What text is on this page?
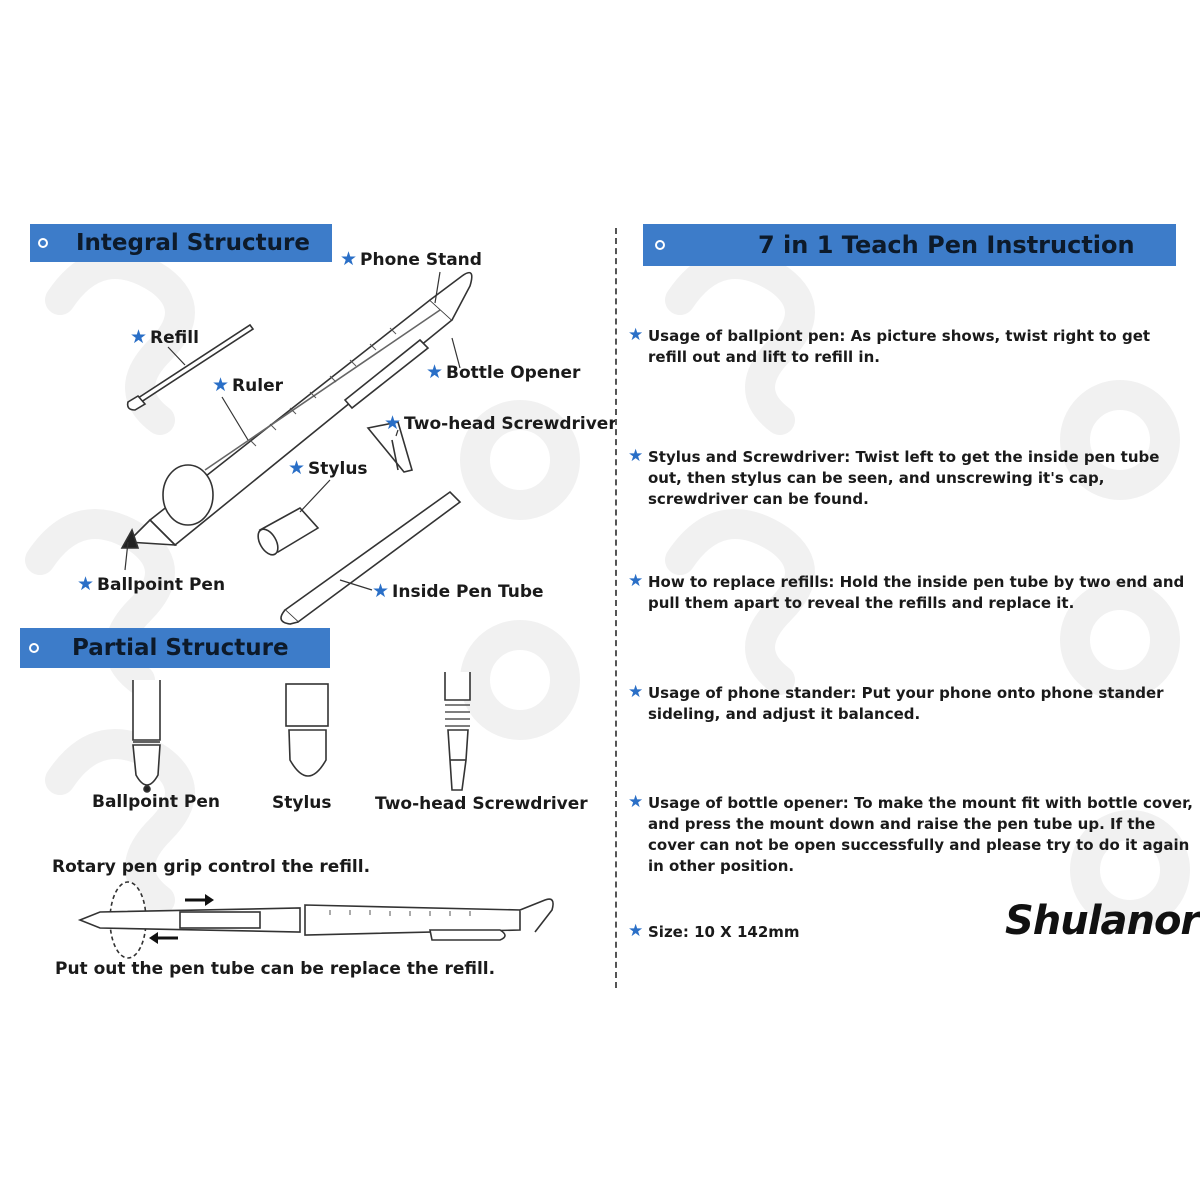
Integral Structure
★ Phone Stand
★ Refill
★ Ruler
★ Bottle Opener
★ Two-head Screwdriver
★ Stylus
★ Ballpoint Pen	★ Inside Pen Tube
Partial Structure
Ballpoint Pen	Stylus	Two-head Screwdriver
Rotary pen grip control the refill.
Put out the pen tube can be replace the refill.
7 in 1 Teach Pen Instruction
★ Usage of ballpiont pen: As picture shows, twist right to get refill out and lift to refill in.
★ Stylus and Screwdriver: Twist left to get the inside pen tube out, then stylus can be seen, and unscrewing it's cap, screwdriver can be found.
★ How to replace refills: Hold the inside pen tube by two end and pull them apart to reveal the refills and replace it.
★ Usage of phone stander: Put your phone onto phone stander sideling, and adjust it balanced.
★ Usage of bottle opener: To make the mount fit with bottle cover, and press the mount down and raise the pen tube up. If the cover can not be open successfully and please try to do it again in other position.
★ Size: 10 X 142mm	Shulanor
